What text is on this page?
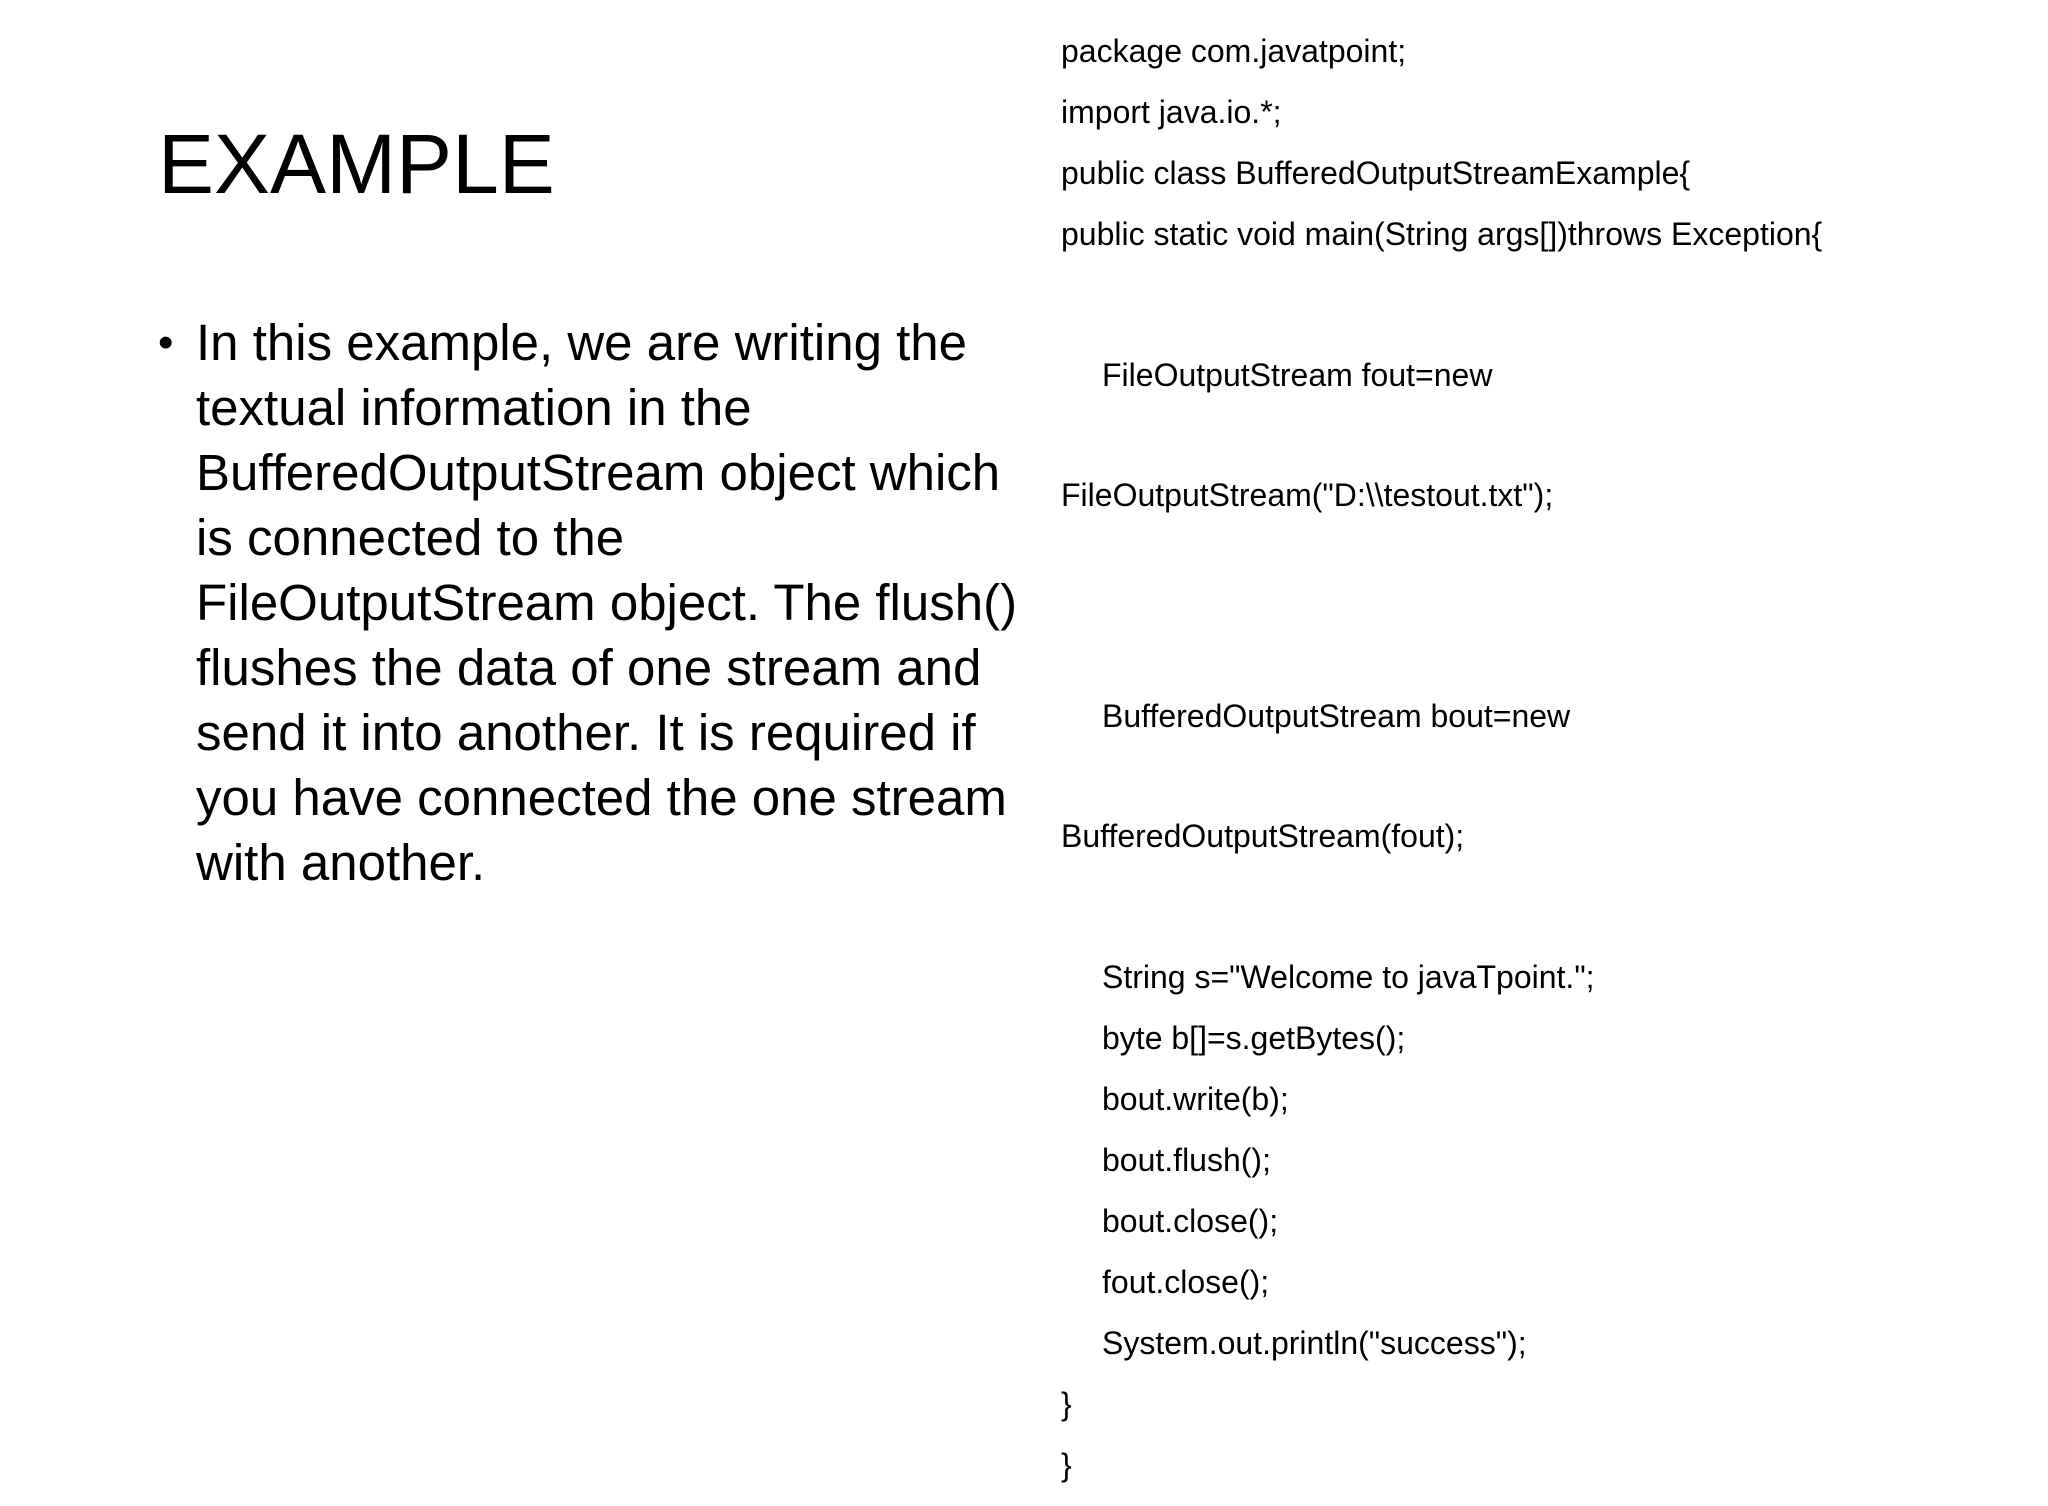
EXAMPLE
• In this example, we are writing the textual information in the BufferedOutputStream object which is connected to the FileOutputStream object. The flush() flushes the data of one stream and send it into another. It is required if you have connected the one stream with another.
package com.javatpoint;
import java.io.*;
public class BufferedOutputStreamExample{
public static void main(String args[])throws Exception{

FileOutputStream fout=new

FileOutputStream("D:\\testout.txt");

BufferedOutputStream bout=new

BufferedOutputStream(fout);

String s="Welcome to javaTpoint.";
byte b[]=s.getBytes();
bout.write(b);
bout.flush();
bout.close();
fout.close();
System.out.println("success");
}
}
